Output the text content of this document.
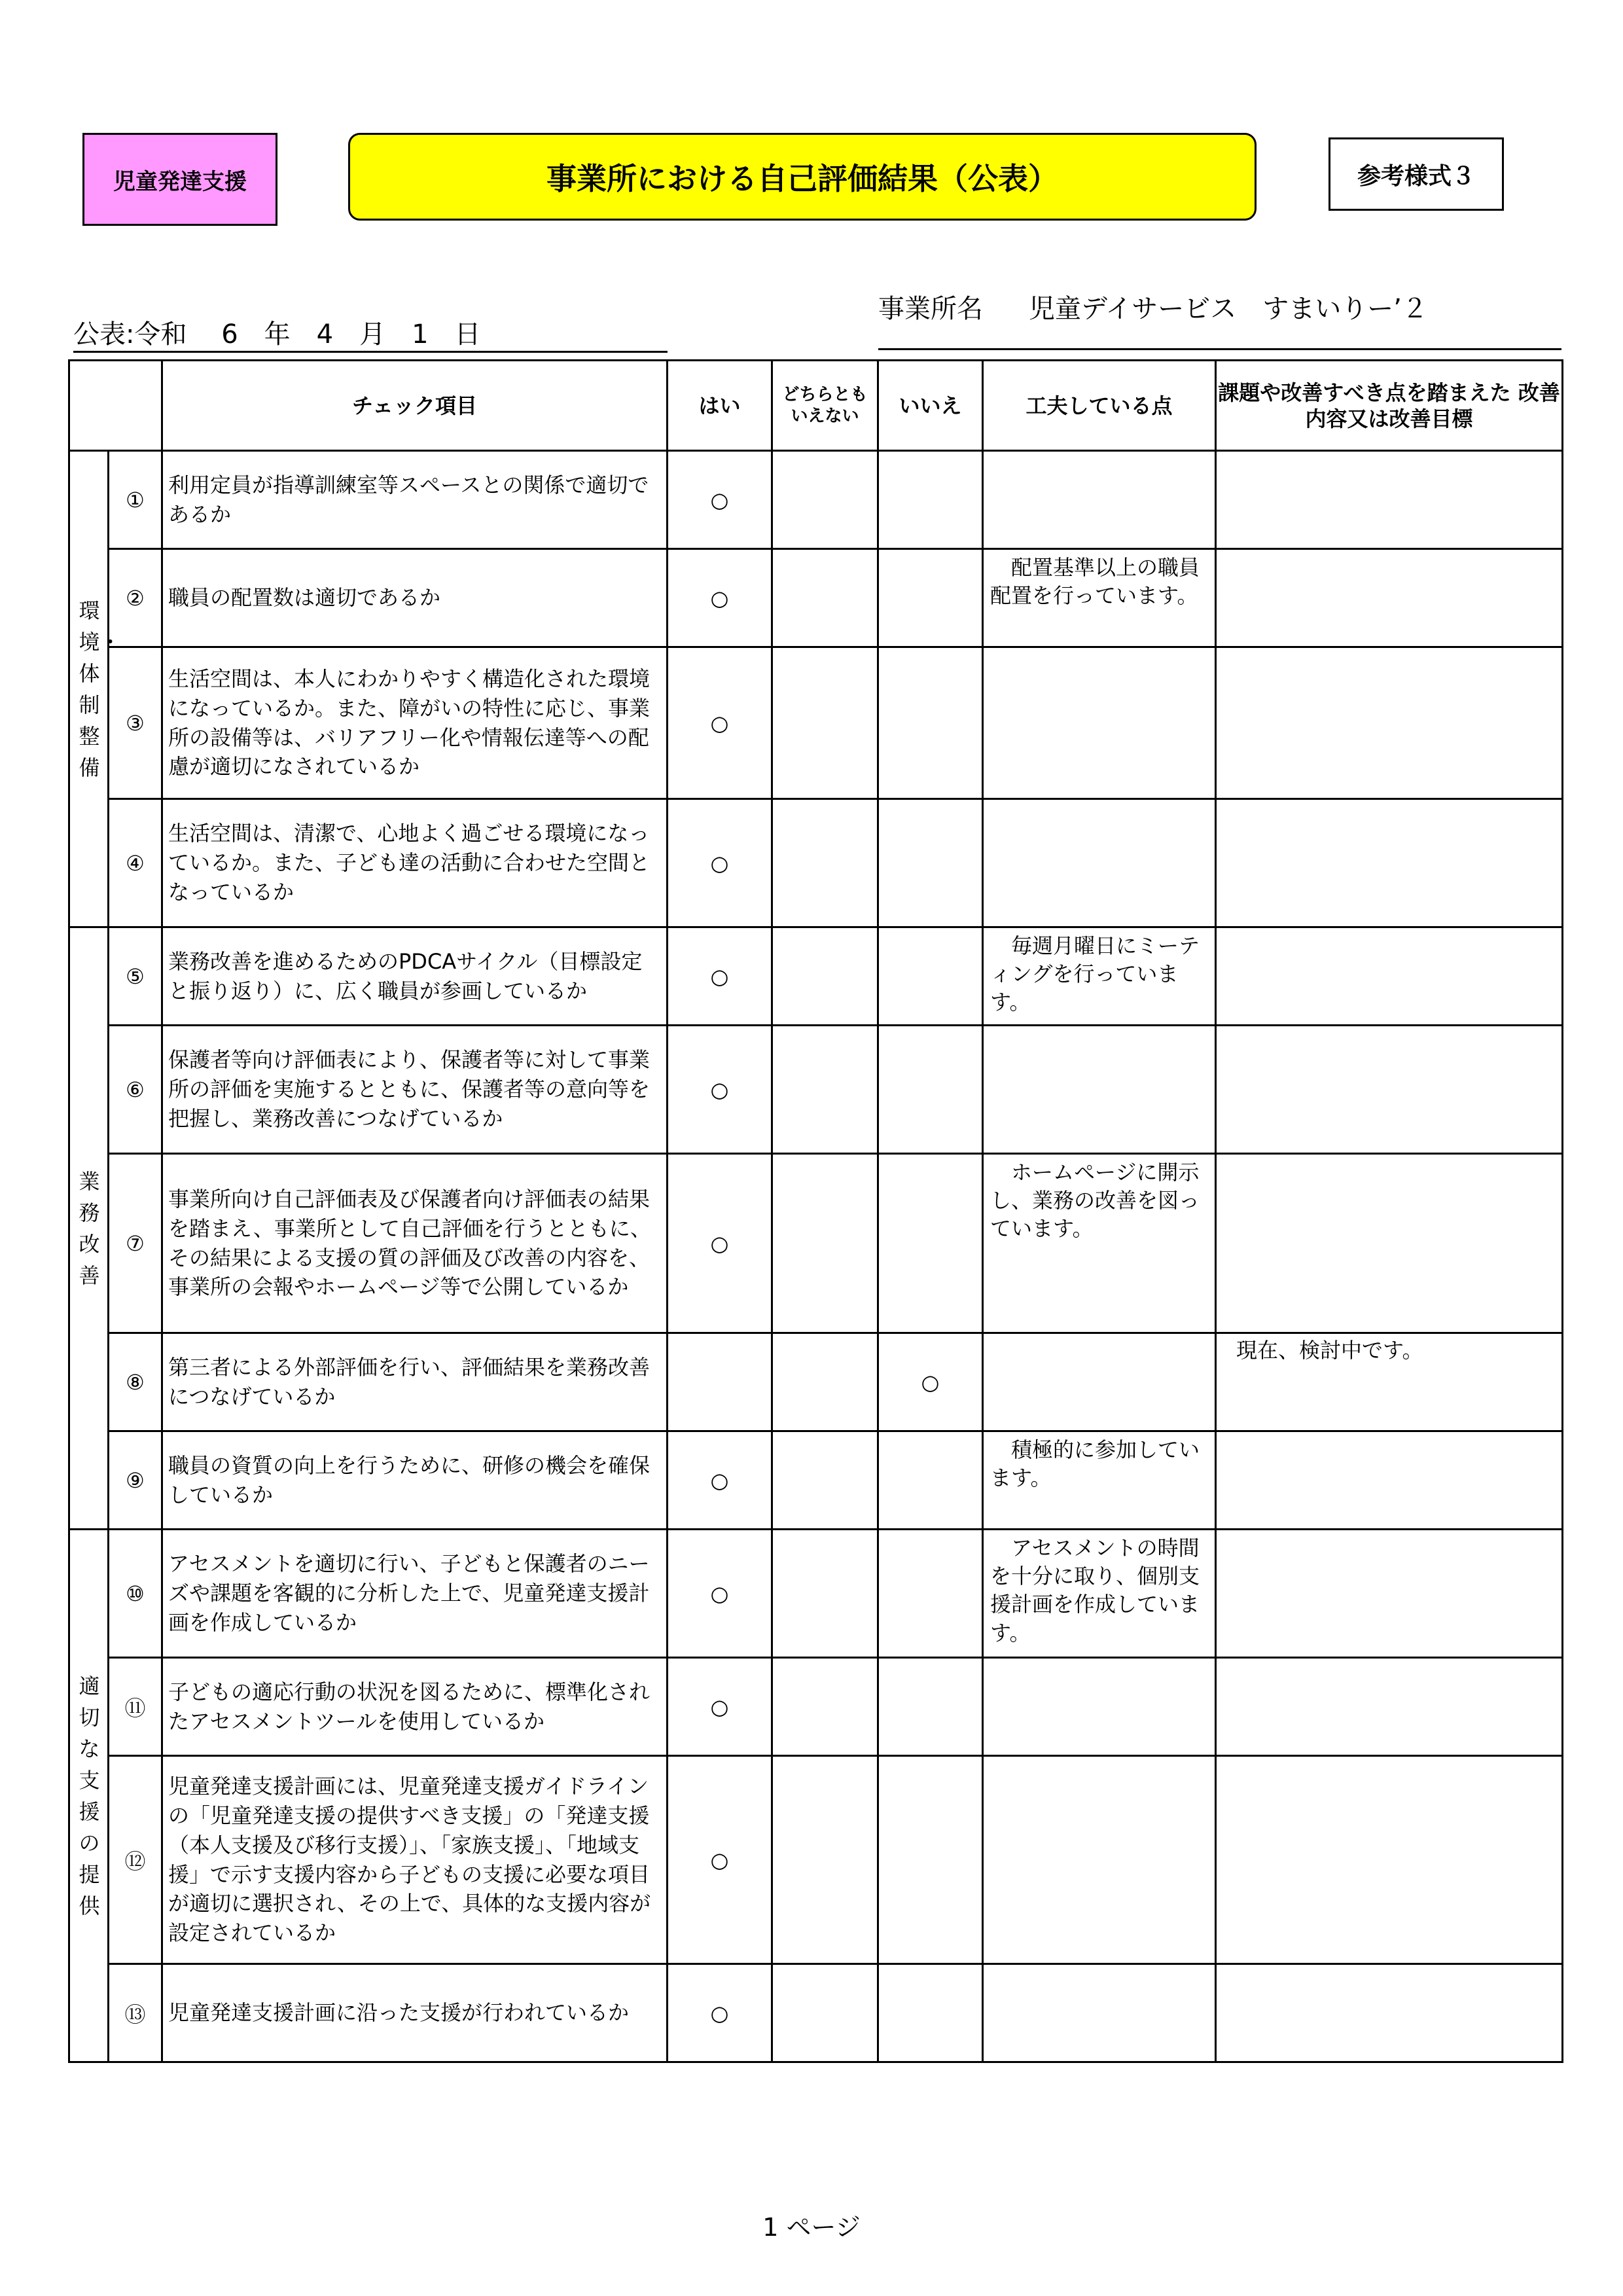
児童発達支援	事業所における自己評価結果（公表）	参考様式３
公表:令和　 6　年　4　月　1　日
事業所名 児童デイサービス　すまいりー’２
		チェック項目	はい	どちらとも いえない	いいえ	工夫している点	課題や改善すべき点を踏まえた 改善内容又は改善目標
環境・体制整備	①	利用定員が指導訓練室等スペースとの関係で適切であるか	○				
	②	職員の配置数は適切であるか	○			配置基準以上の職員配置を行っています。	
	③	生活空間は、本人にわかりやすく構造化された環境になっているか。また、障がいの特性に応じ、事業所の設備等は、バリアフリー化や情報伝達等への配慮が適切になされているか	○				
	④	生活空間は、清潔で、心地よく過ごせる環境になっているか。また、子ども達の活動に合わせた空間となっているか	○				
業務改善	⑤	業務改善を進めるためのPDCAサイクル（目標設定と振り返り）に、広く職員が参画しているか	○			毎週月曜日にミーティングを行っています。	
	⑥	保護者等向け評価表により、保護者等に対して事業所の評価を実施するとともに、保護者等の意向等を把握し、業務改善につなげているか	○				
	⑦	事業所向け自己評価表及び保護者向け評価表の結果を踏まえ、事業所として自己評価を行うとともに、その結果による支援の質の評価及び改善の内容を、事業所の会報やホームページ等で公開しているか	○			ホームページに開示し、業務の改善を図っています。	
	⑧	第三者による外部評価を行い、評価結果を業務改善につなげているか			○		現在、検討中です。
	⑨	職員の資質の向上を行うために、研修の機会を確保しているか	○			積極的に参加しています。	
適切な支援の提供	⑩	アセスメントを適切に行い、子どもと保護者のニーズや課題を客観的に分析した上で、児童発達支援計画を作成しているか	○			アセスメントの時間を十分に取り、個別支援計画を作成しています。	
	⑪	子どもの適応行動の状況を図るために、標準化されたアセスメントツールを使用しているか	○				
	⑫	児童発達支援計画には、児童発達支援ガイドラインの「児童発達支援の提供すべき支援」の「発達支援（本人支援及び移行支援）」、「家族支援」、「地域支援」で示す支援内容から子どもの支援に必要な項目が適切に選択され、その上で、具体的な支援内容が設定されているか	○				
	⑬	児童発達支援計画に沿った支援が行われているか	○				
1 ページ
